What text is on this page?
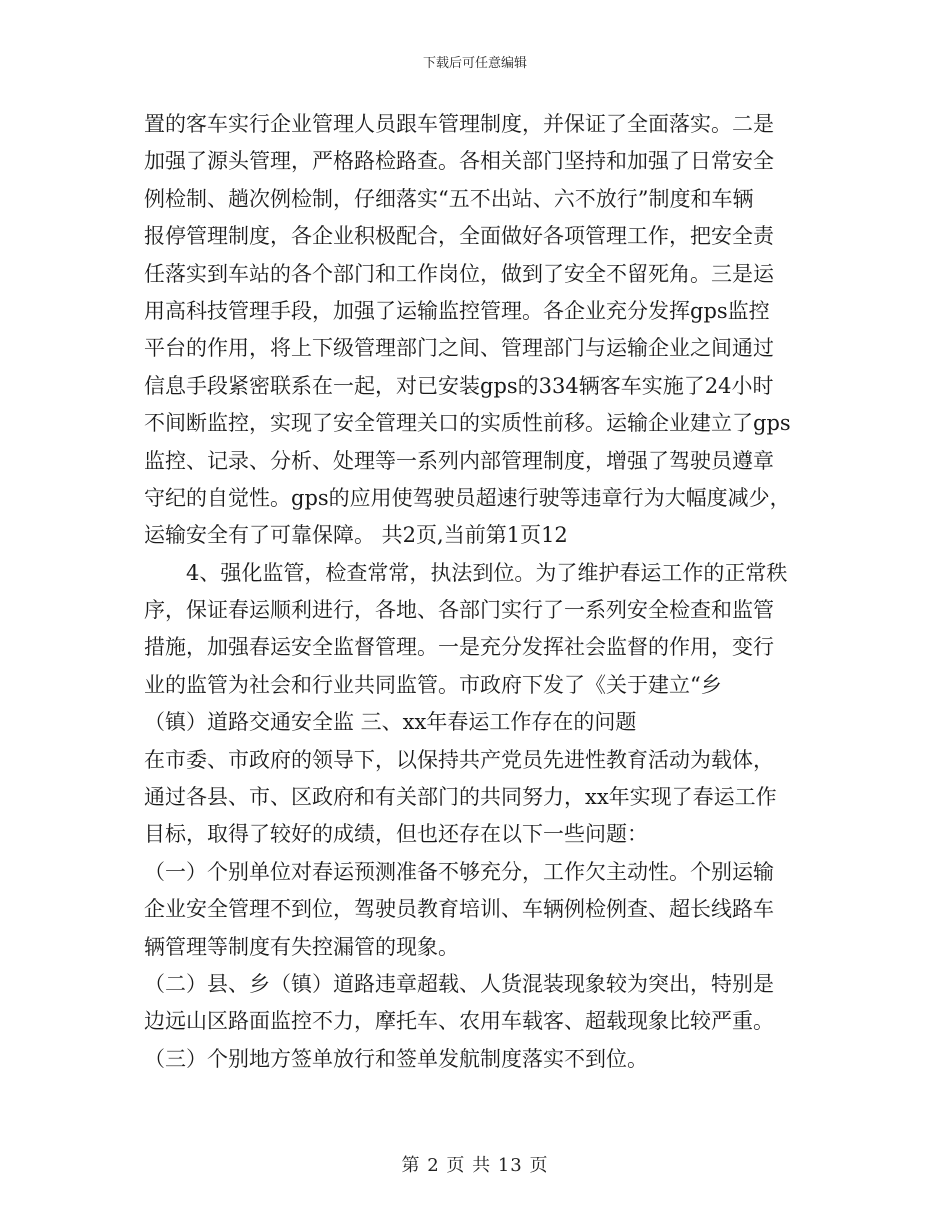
下载后可任意编辑
置的客车实行企业管理人员跟车管理制度，并保证了全面落实。二是
加强了源头管理，严格路检路查。各相关部门坚持和加强了日常安全
例检制、趟次例检制，仔细落实“五不出站、六不放行”制度和车辆
报停管理制度，各企业积极配合，全面做好各项管理工作，把安全责
任落实到车站的各个部门和工作岗位，做到了安全不留死角。三是运
用高科技管理手段，加强了运输监控管理。各企业充分发挥gps监控
平台的作用，将上下级管理部门之间、管理部门与运输企业之间通过
信息手段紧密联系在一起，对已安装gps的334辆客车实施了24小时
不间断监控，实现了安全管理关口的实质性前移。运输企业建立了gps
监控、记录、分析、处理等一系列内部管理制度，增强了驾驶员遵章
守纪的自觉性。gps的应用使驾驶员超速行驶等违章行为大幅度减少，
运输安全有了可靠保障。 共2页,当前第1页12
4、强化监管，检查常常，执法到位。为了维护春运工作的正常秩
序，保证春运顺利进行，各地、各部门实行了一系列安全检查和监管
措施，加强春运安全监督管理。一是充分发挥社会监督的作用，变行
业的监管为社会和行业共同监管。市政府下发了《关于建立“乡
（镇）道路交通安全监 三、xx年春运工作存在的问题
在市委、市政府的领导下，以保持共产党员先进性教育活动为载体，
通过各县、市、区政府和有关部门的共同努力，xx年实现了春运工作
目标，取得了较好的成绩，但也还存在以下一些问题：
（一）个别单位对春运预测准备不够充分，工作欠主动性。个别运输
企业安全管理不到位，驾驶员教育培训、车辆例检例查、超长线路车
辆管理等制度有失控漏管的现象。
（二）县、乡（镇）道路违章超载、人货混装现象较为突出，特别是
边远山区路面监控不力，摩托车、农用车载客、超载现象比较严重。
（三）个别地方签单放行和签单发航制度落实不到位。
第 2 页 共 13 页
